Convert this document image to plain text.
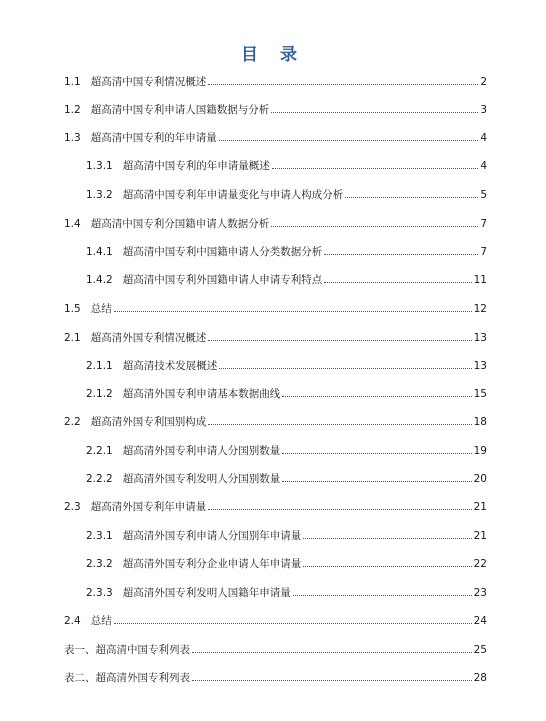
目 录
1.1 超高清中国专利情况概述	2
1.2 超高清中国专利申请人国籍数据与分析	3
1.3 超高清中国专利的年申请量	4
1.3.1 超高清中国专利的年申请量概述	4
1.3.2 超高清中国专利年申请量变化与申请人构成分析	5
1.4 超高清中国专利分国籍申请人数据分析	7
1.4.1 超高清中国专利中国籍申请人分类数据分析	7
1.4.2 超高清中国专利外国籍申请人申请专利特点	11
1.5 总结	12
2.1 超高清外国专利情况概述	13
2.1.1 超高清技术发展概述	13
2.1.2 超高清外国专利申请基本数据曲线	15
2.2 超高清外国专利国别构成	18
2.2.1 超高清外国专利申请人分国别数量	19
2.2.2 超高清外国专利发明人分国别数量	20
2.3 超高清外国专利年申请量	21
2.3.1 超高清外国专利申请人分国别年申请量	21
2.3.2 超高清外国专利分企业申请人年申请量	22
2.3.3 超高清外国专利发明人国籍年申请量	23
2.4 总结	24
表一、超高清中国专利列表	25
表二、超高清外国专利列表	28
